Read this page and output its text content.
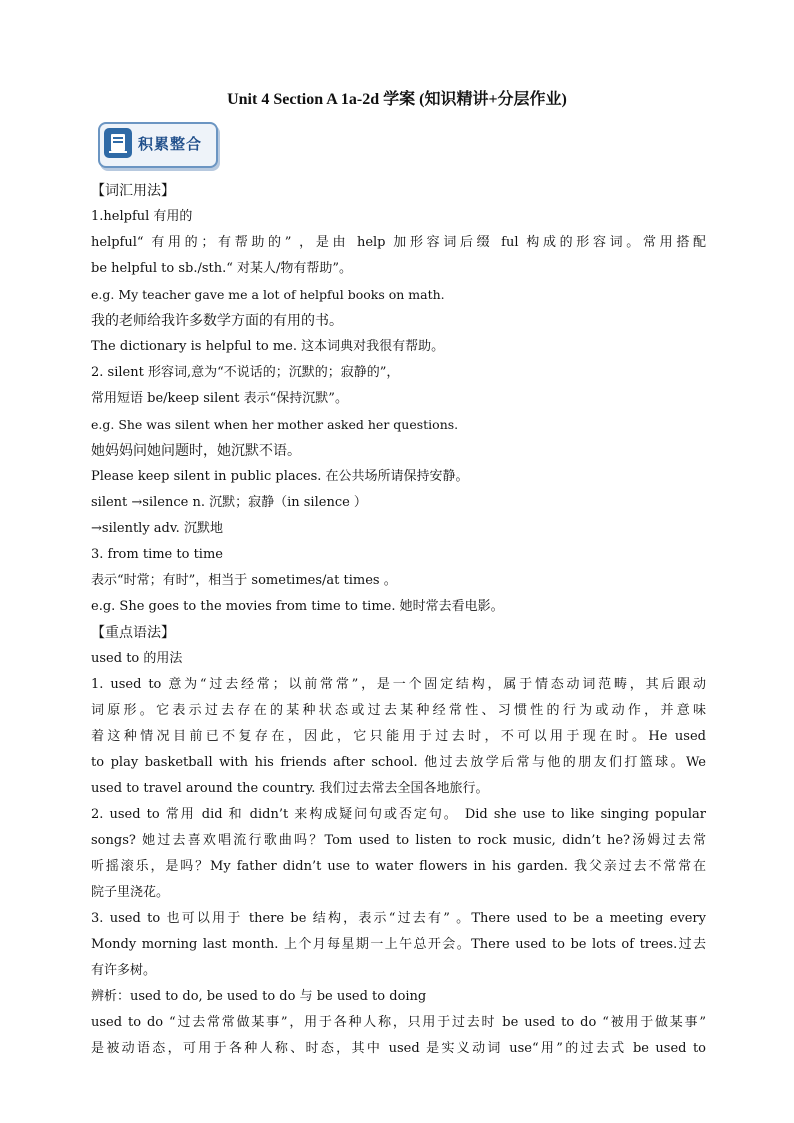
Unit 4 Section A 1a-2d 学案 (知识精讲+分层作业)
积累整合
【词汇用法】
1.helpful 有用的
helpful“ 有用的；有帮助的” ，是由 help 加形容词后缀 ful 构成的形容词。常用搭配
be helpful to sb./sth.“ 对某人/物有帮助”。
e.g. My teacher gave me a lot of helpful books on math.
我的老师给我许多数学方面的有用的书。
The dictionary is helpful to me. 这本词典对我很有帮助。
2. silent 形容词,意为“不说话的；沉默的；寂静的”，
常用短语 be/keep silent 表示“保持沉默”。
e.g. She was silent when her mother asked her questions.
她妈妈问她问题时，她沉默不语。
Please keep silent in public places. 在公共场所请保持安静。
silent →silence n. 沉默；寂静（in silence ）
→silently adv. 沉默地
3. from time to time
表示“时常；有时”，相当于 sometimes/at times 。
e.g. She goes to the movies from time to time. 她时常去看电影。
【重点语法】
used to 的用法
1. used to 意为“过去经常；以前常常”，是一个固定结构，属于情态动词范畴，其后跟动
词原形。它表示过去存在的某种状态或过去某种经常性、习惯性的行为或动作，并意味
着这种情况目前已不复存在，因此，它只能用于过去时，不可以用于现在时。He used
to play basketball with his friends after school. 他过去放学后常与他的朋友们打篮球。We
used to travel around the country. 我们过去常去全国各地旅行。
2. used to 常用 did 和 didn’t 来构成疑问句或否定句。 Did she use to like singing popular
songs? 她过去喜欢唱流行歌曲吗？Tom used to listen to rock music, didn’t he?汤姆过去常
听摇滚乐，是吗？My father didn’t use to water flowers in his garden. 我父亲过去不常常在
院子里浇花。
3. used to 也可以用于 there be 结构，表示“过去有” 。There used to be a meeting every
Mondy morning last month. 上个月每星期一上午总开会。There used to be lots of trees.过去
有许多树。
辨析：used to do, be used to do 与 be used to doing
used to do “过去常常做某事”，用于各种人称，只用于过去时 be used to do “被用于做某事”
是被动语态，可用于各种人称、时态，其中 used 是实义动词 use“用”的过去式 be used to
